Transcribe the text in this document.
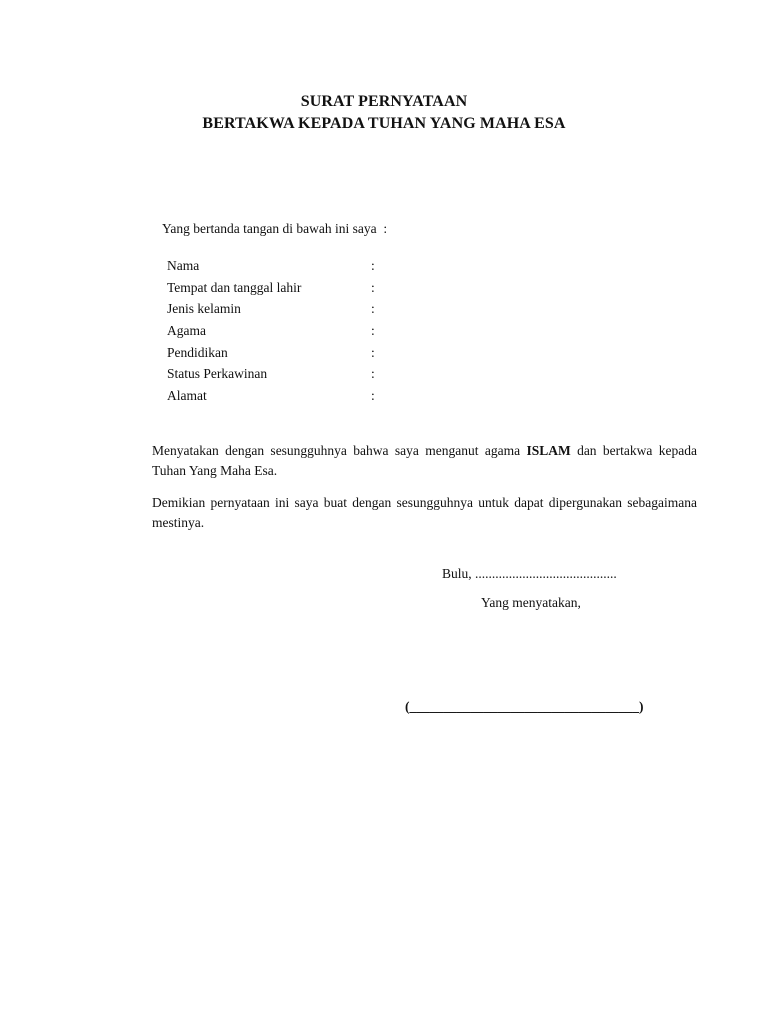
SURAT PERNYATAAN
BERTAKWA KEPADA TUHAN YANG MAHA ESA
Yang bertanda tangan di bawah ini saya  :
Nama	:
Tempat dan tanggal lahir	:
Jenis kelamin	:
Agama	:
Pendidikan	:
Status Perkawinan	:
Alamat	:
Menyatakan dengan sesungguhnya bahwa saya menganut agama ISLAM dan bertakwa kepada Tuhan Yang Maha Esa.
Demikian pernyataan ini saya buat dengan sesungguhnya untuk dapat dipergunakan sebagaimana mestinya.
Bulu, ..........................................
Yang menyatakan,
(__________________________________)
